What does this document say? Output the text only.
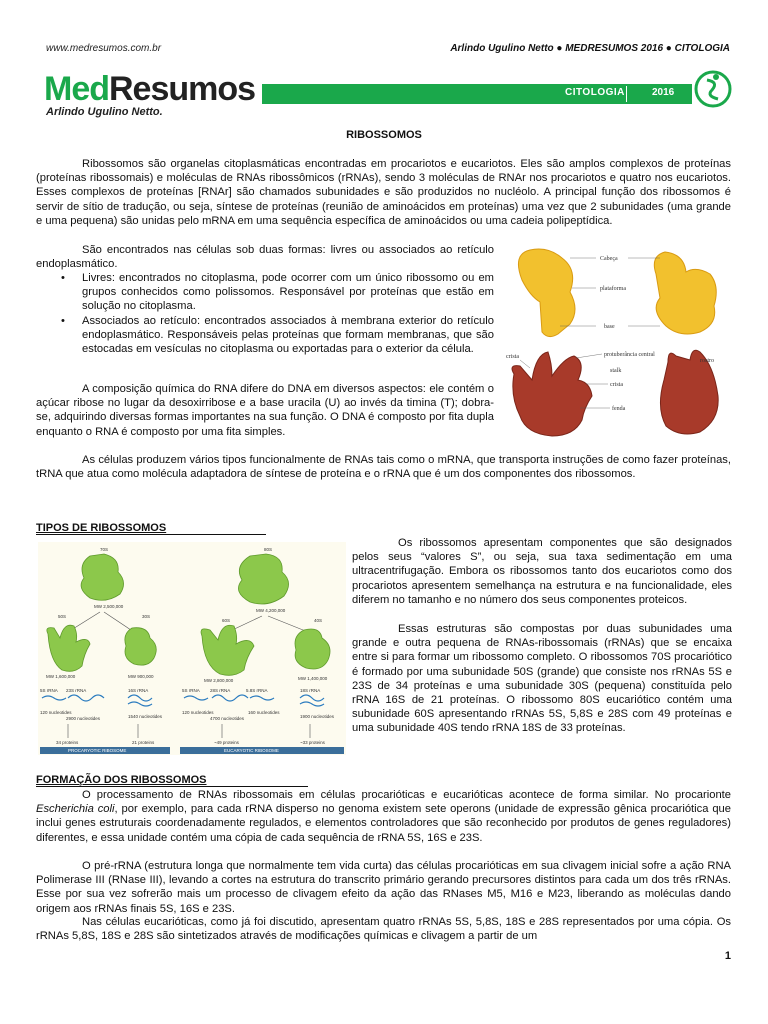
www.medresumos.com.br	Arlindo Ugulino Netto ● MEDRESUMOS 2016 ● CITOLOGIA
MedResumos
Arlindo Ugulino Netto.
CITOLOGIA	2016
RIBOSSOMOS
Ribossomos são organelas citoplasmáticas encontradas em procariotos e eucariotos. Eles são amplos complexos de proteínas (proteínas ribossomais) e moléculas de RNAs ribossômicos (rRNAs), sendo 3 moléculas de RNAr nos procariotos e quatro nos eucariotos. Esses complexos de proteínas [RNAr] são chamados subunidades e são produzidos no nucléolo. A principal função dos ribossomos é servir de sítio de tradução, ou seja, síntese de proteínas (reunião de aminoácidos em proteínas) uma vez que 2 subunidades (uma grande e uma pequena) são unidas pelo mRNA em uma sequência específica de aminoácidos ou uma cadeia polipeptídica.
São encontrados nas células sob duas formas: livres ou associados ao retículo endoplasmático.
• Livres: encontrados no citoplasma, pode ocorrer com um único ribossomo ou em grupos conhecidos como polissomos. Responsável por proteínas que estão em solução no citoplasma.
• Associados ao retículo: encontrados associados à membrana exterior do retículo endoplasmático. Responsáveis pelas proteínas que formam membranas, que são estocadas em vesículas no citoplasma ou exportadas para o exterior da célula.
A composição química do RNA difere do DNA em diversos aspectos: ele contém o açúcar ribose no lugar da desoxirribose e a base uracila (U) ao invés da timina (T); dobra-se, adquirindo diversas formas importantes na sua função. O DNA é composto por fita dupla enquanto o RNA é composto por uma fita simples.
As células produzem vários tipos funcionalmente de RNAs tais como o mRNA, que transporta instruções de como fazer proteínas, tRNA que atua como molécula adaptadora de síntese de proteína e o rRNA que é um dos componentes dos ribossomos.
Cabeça
plataforma
base
crista	protuberância central
stalk
crista
fenda
rostro
TIPOS DE RIBOSSOMOS
70S
MW 2,500,000
50S	30S
MW 1,600,000	MW 900,000
5S rRNA 23S rRNA	16S rRNA
120 nucleotides
2900 nucleotides	1540 nucleotides
34 proteins	21 proteins
PROCARYOTIC RIBOSOME
80S
MW 4,200,000
60S	40S
MW 2,800,000	MW 1,400,000
5S rRNA 28S rRNA	5.8S rRNA	18S rRNA
120 nucleotides
4700 nucleotides
160 nucleotides
1900 nucleotides
~49 proteins	~33 proteins
EUCARYOTIC RIBOSOME
Os ribossomos apresentam componentes que são designados pelos seus “valores S”, ou seja, sua taxa sedimentação em uma ultracentrifugação. Embora os ribossomos tanto dos eucariotos como dos procariotos apresentem semelhança na estrutura e na funcionalidade, eles diferem no tamanho e no número dos seus componentes proteicos.
Essas estruturas são compostas por duas subunidades uma grande e outra pequena de RNAs-ribossomais (rRNAs) que se encaixa entre si para formar um ribossomo completo. O ribossomos 70S procariótico é formado por uma subunidade 50S (grande) que consiste nos rRNAs 5S e 23S de 34 proteínas e uma subunidade 30S (pequena) constituída pelo rRNA 16S de 21 proteínas. O ribossomo 80S eucariótico contém uma subunidade 60S apresentando rRNAs 5S, 5,8S e 28S com 49 proteínas e uma subunidade 40S tendo rRNA 18S de 33 proteínas.
FORMAÇÃO DOS RIBOSSOMOS
O processamento de RNAs ribossomais em células procarióticas e eucarióticas acontece de forma similar. No procarionte Escherichia coli, por exemplo, para cada rRNA disperso no genoma existem sete operons (unidade de expressão gênica procariótica que inclui genes estruturais coordenadamente regulados, e elementos controladores que são reconhecido por produtos de genes reguladores) diferentes, e essa unidade contém uma cópia de cada sequência de rRNA 5S, 16S e 23S.
O pré-rRNA (estrutura longa que normalmente tem vida curta) das células procarióticas em sua clivagem inicial sofre a ação RNA Polimerase III (RNase III), levando a cortes na estrutura do transcrito primário gerando precursores distintos para cada um dos três rRNAs. Esse por sua vez sofrerão mais um processo de clivagem efeito da ação das RNases M5, M16 e M23, liberando as moléculas dando origem aos rRNAs finais 5S, 16S e 23S.
Nas células eucarióticas, como já foi discutido, apresentam quatro rRNAs 5S, 5,8S, 18S e 28S representados por uma cópia. Os rRNAs 5,8S, 18S e 28S são sintetizados através de modificações químicas e clivagem a partir de um
1
